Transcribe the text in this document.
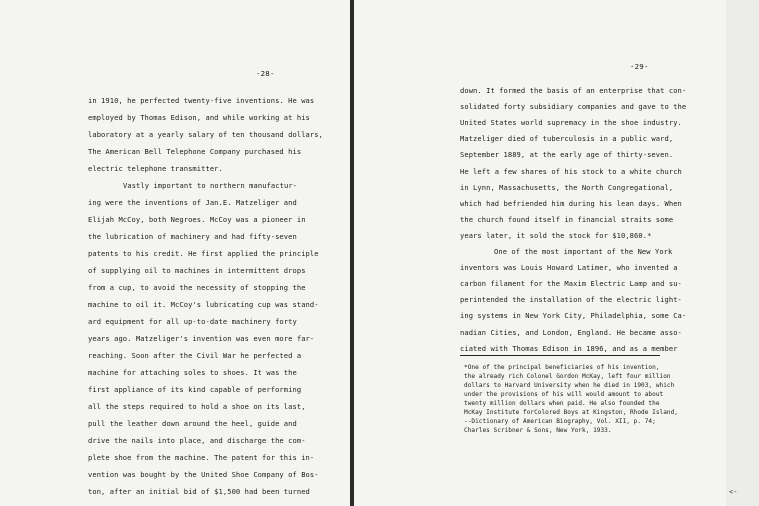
-28-
in 1910, he perfected twenty-five inventions. He was
employed by Thomas Edison, and while working at his
laboratory at a yearly salary of ten thousand dollars,
The American Bell Telephone Company purchased his
electric telephone transmitter.
Vastly important to northern manufactur-
ing were the inventions of Jan.E. Matzeliger and
Elijah McCoy, both Negroes. McCoy was a pioneer in
the lubrication of machinery and had fifty-seven
patents to his credit. He first applied the principle
of supplying oil to machines in intermittent drops
from a cup, to avoid the necessity of stopping the
machine to oil it. McCoy's lubricating cup was stand-
ard equipment for all up-to-date machinery forty
years ago. Matzeliger's invention was even more far-
reaching. Soon after the Civil War he perfected a
machine for attaching soles to shoes. It was the
first appliance of its kind capable of performing
all the steps required to hold a shoe on its last,
pull the leather down around the heel, guide and
drive the nails into place, and discharge the com-
plete shoe from the machine. The patent for this in-
vention was bought by the United Shoe Company of Bos-
ton, after an initial bid of $1,500 had been turned
-29-
down. It formed the basis of an enterprise that con-
solidated forty subsidiary companies and gave to the
United States world supremacy in the shoe industry.
Matzeliger died of tuberculosis in a public ward,
September 1889, at the early age of thirty-seven.
He left a few shares of his stock to a white church
in Lynn, Massachusetts, the North Congregational,
which had befriended him during his lean days. When
the church found itself in financial straits some
years later, it sold the stock for $10,860.*
One of the most important of the New York
inventors was Louis Howard Latimer, who invented a
carbon filament for the Maxim Electric Lamp and su-
perintended the installation of the electric light-
ing systems in New York City, Philadelphia, some Ca-
nadian Cities, and London, England. He became asso-
ciated with Thomas Edison in 1896, and as a member
*One of the principal beneficiaries of his invention,
the already rich Colonel Gordon McKay, left four million
dollars to Harvard University when he died in 1903, which
under the provisions of his will would amount to about
twenty million dollars when paid. He also founded the
McKay Institute forColored Boys at Kingston, Rhode Island,
--Dictionary of American Biography, Vol. XII, p. 74;
Charles Scribner & Sons, New York, 1933.
<-
